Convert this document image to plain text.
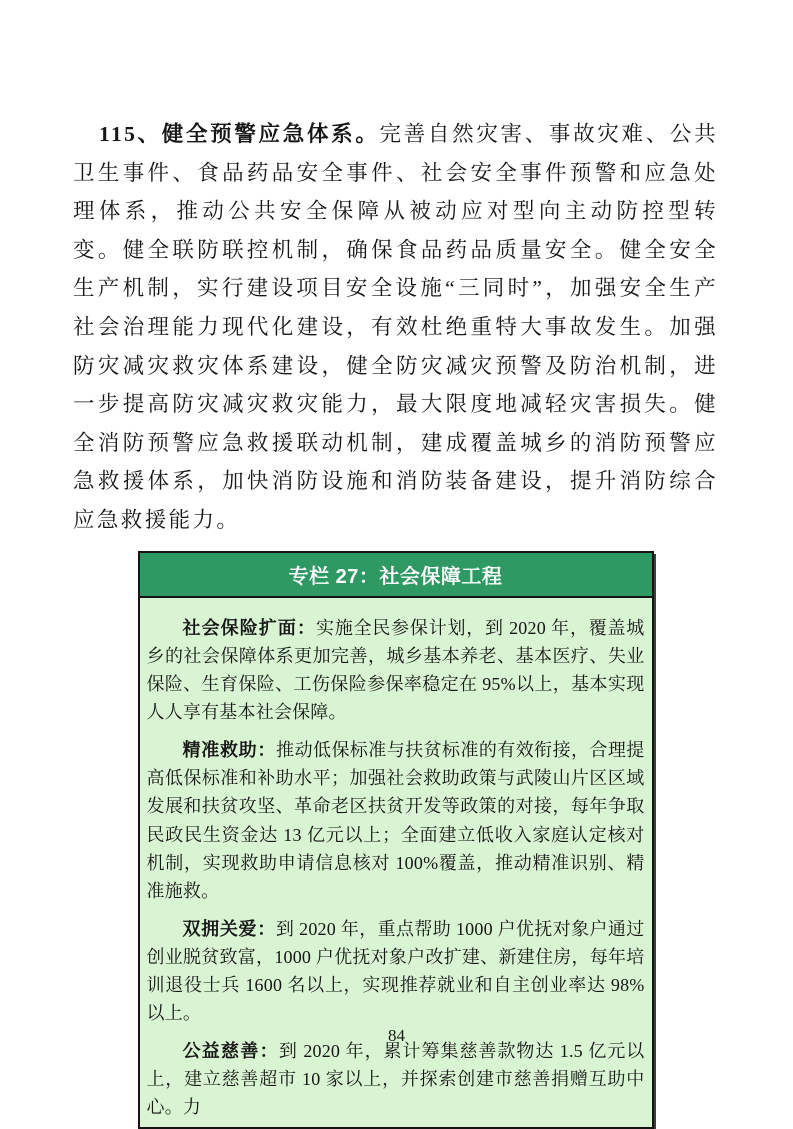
115、健全预警应急体系。完善自然灾害、事故灾难、公共卫生事件、食品药品安全事件、社会安全事件预警和应急处理体系，推动公共安全保障从被动应对型向主动防控型转变。健全联防联控机制，确保食品药品质量安全。健全安全生产机制，实行建设项目安全设施“三同时”，加强安全生产社会治理能力现代化建设，有效杜绝重特大事故发生。加强防灾减灾救灾体系建设，健全防灾减灾预警及防治机制，进一步提高防灾减灾救灾能力，最大限度地减轻灾害损失。健全消防预警应急救援联动机制，建成覆盖城乡的消防预警应急救援体系，加快消防设施和消防装备建设，提升消防综合应急救援能力。

专栏 27：社会保障工程

社会保险扩面：实施全民参保计划，到 2020 年，覆盖城乡的社会保障体系更加完善，城乡基本养老、基本医疗、失业保险、生育保险、工伤保险参保率稳定在 95%以上，基本实现人人享有基本社会保障。

精准救助：推动低保标准与扶贫标准的有效衔接，合理提高低保标准和补助水平；加强社会救助政策与武陵山片区区域发展和扶贫攻坚、革命老区扶贫开发等政策的对接，每年争取民政民生资金达 13 亿元以上；全面建立低收入家庭认定核对机制，实现救助申请信息核对 100%覆盖，推动精准识别、精准施救。

双拥关爱：到 2020 年，重点帮助 1000 户优抚对象户通过创业脱贫致富，1000 户优抚对象户改扩建、新建住房，每年培训退役士兵 1600 名以上，实现推荐就业和自主创业率达 98%以上。

公益慈善：到 2020 年，累计筹集慈善款物达 1.5 亿元以上，建立慈善超市 10 家以上，并探索创建市慈善捐赠互助中心。力

84
